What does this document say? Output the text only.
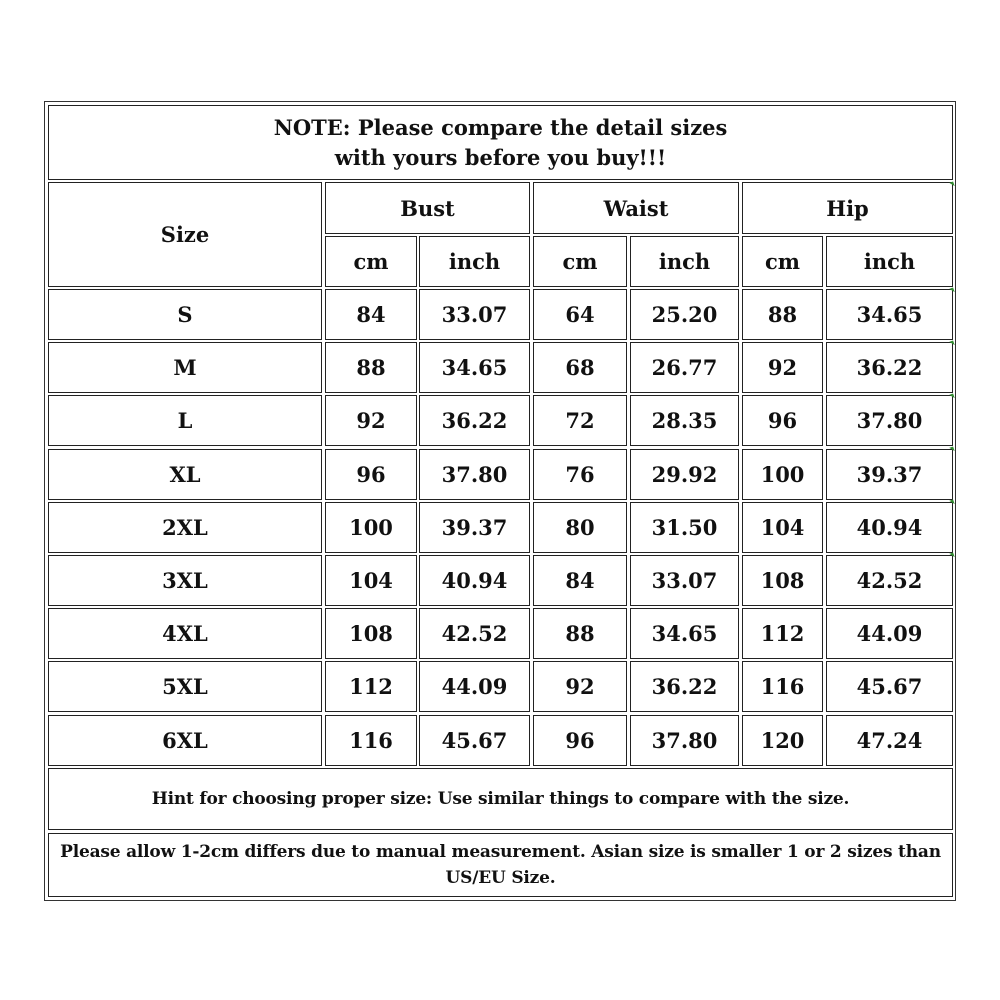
NOTE: Please compare the detail sizes
with yours before you buy!!!
Size
Bust	Waist	Hip
cm	inch	cm	inch	cm	inch
S	84	33.07	64	25.20	88	34.65
M	88	34.65	68	26.77	92	36.22
L	92	36.22	72	28.35	96	37.80
XL	96	37.80	76	29.92	100	39.37
2XL	100	39.37	80	31.50	104	40.94
3XL	104	40.94	84	33.07	108	42.52
4XL	108	42.52	88	34.65	112	44.09
5XL	112	44.09	92	36.22	116	45.67
6XL	116	45.67	96	37.80	120	47.24
Hint for choosing proper size: Use similar things to compare with the size.
Please allow 1-2cm differs due to manual measurement. Asian size is smaller 1 or 2 sizes than US/EU Size.
